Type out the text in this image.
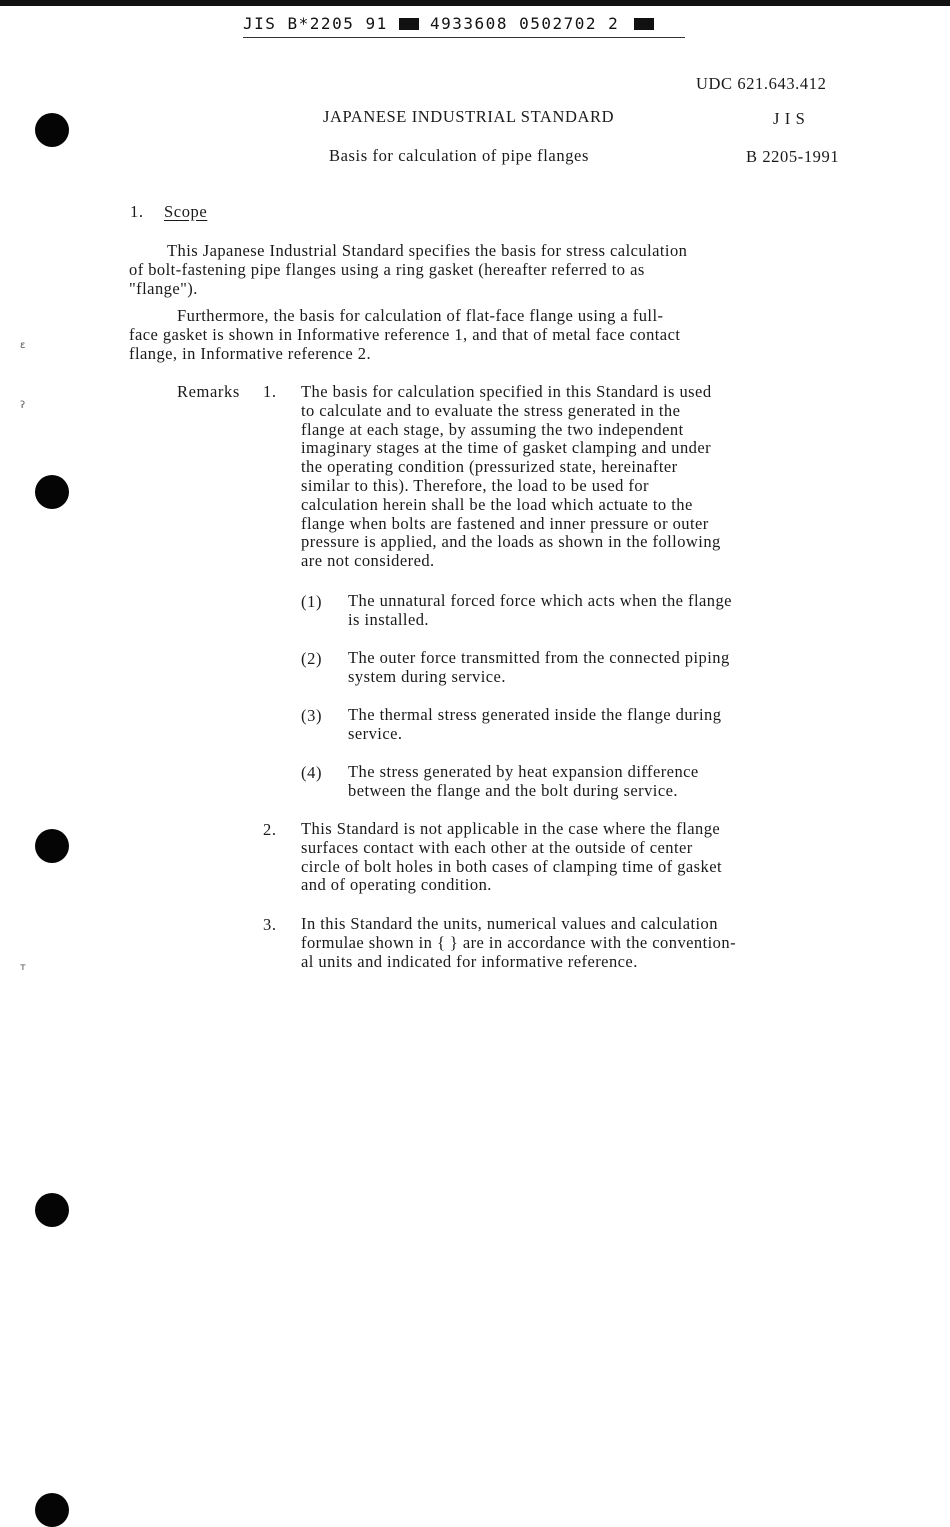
JIS B*2205 91	4933608 0502702 2
UDC 621.643.412
JAPANESE INDUSTRIAL STANDARD	J I S
Basis for calculation of pipe flanges	B 2205-1991
1. Scope
This Japanese Industrial Standard specifies the basis for stress calculation
of bolt-fastening pipe flanges using a ring gasket (hereafter referred to as
"flange").
Furthermore, the basis for calculation of flat-face flange using a full-
face gasket is shown in Informative reference 1, and that of metal face contact
flange, in Informative reference 2.
Remarks 1. The basis for calculation specified in this Standard is used
to calculate and to evaluate the stress generated in the
flange at each stage, by assuming the two independent
imaginary stages at the time of gasket clamping and under
the operating condition (pressurized state, hereinafter
similar to this). Therefore, the load to be used for
calculation herein shall be the load which actuate to the
flange when bolts are fastened and inner pressure or outer
pressure is applied, and the loads as shown in the following
are not considered.
(1) The unnatural forced force which acts when the flange
is installed.
(2) The outer force transmitted from the connected piping
system during service.
(3) The thermal stress generated inside the flange during
service.
(4) The stress generated by heat expansion difference
between the flange and the bolt during service.
2. This Standard is not applicable in the case where the flange
surfaces contact with each other at the outside of center
circle of bolt holes in both cases of clamping time of gasket
and of operating condition.
3. In this Standard the units, numerical values and calculation
formulae shown in { } are in accordance with the convention-
al units and indicated for informative reference.
ɛ
ʔ
ᴛ
